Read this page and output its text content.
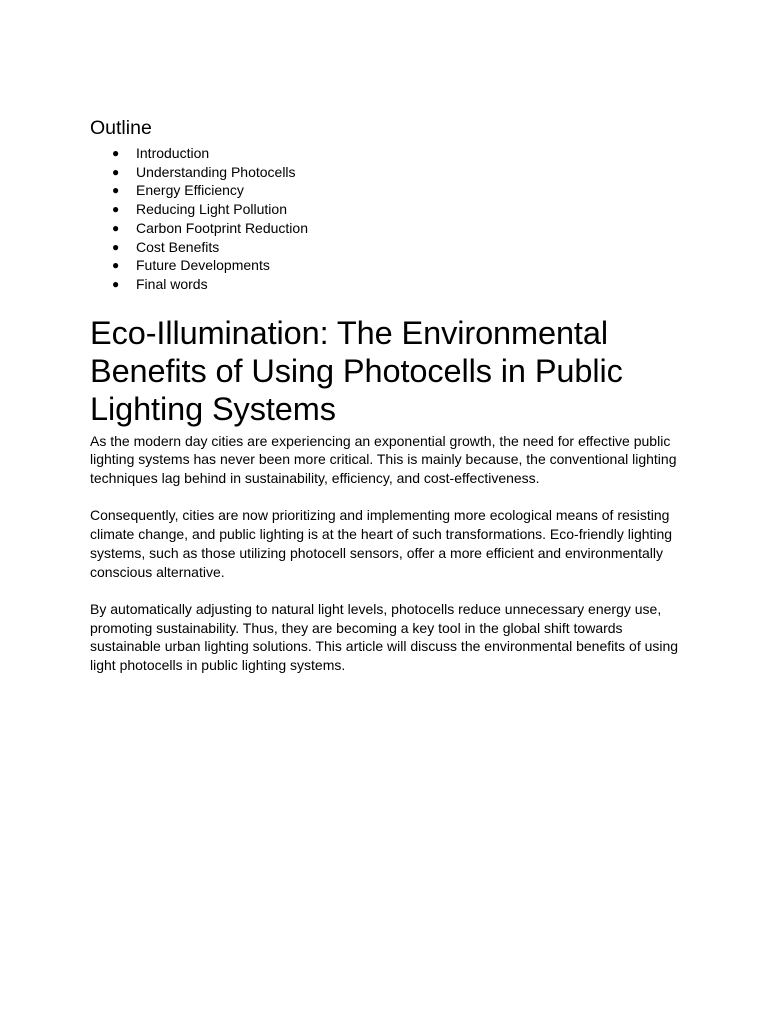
Outline
● Introduction
● Understanding Photocells
● Energy Efficiency
● Reducing Light Pollution
● Carbon Footprint Reduction
● Cost Benefits
● Future Developments
● Final words
Eco-Illumination: The Environmental Benefits of Using Photocells in Public Lighting Systems

As the modern day cities are experiencing an exponential growth, the need for effective public lighting systems has never been more critical. This is mainly because, the conventional lighting techniques lag behind in sustainability, efficiency, and cost-effectiveness.

Consequently, cities are now prioritizing and implementing more ecological means of resisting climate change, and public lighting is at the heart of such transformations. Eco-friendly lighting systems, such as those utilizing photocell sensors, offer a more efficient and environmentally conscious alternative.

By automatically adjusting to natural light levels, photocells reduce unnecessary energy use, promoting sustainability. Thus, they are becoming a key tool in the global shift towards sustainable urban lighting solutions. This article will discuss the environmental benefits of using light photocells in public lighting systems.
